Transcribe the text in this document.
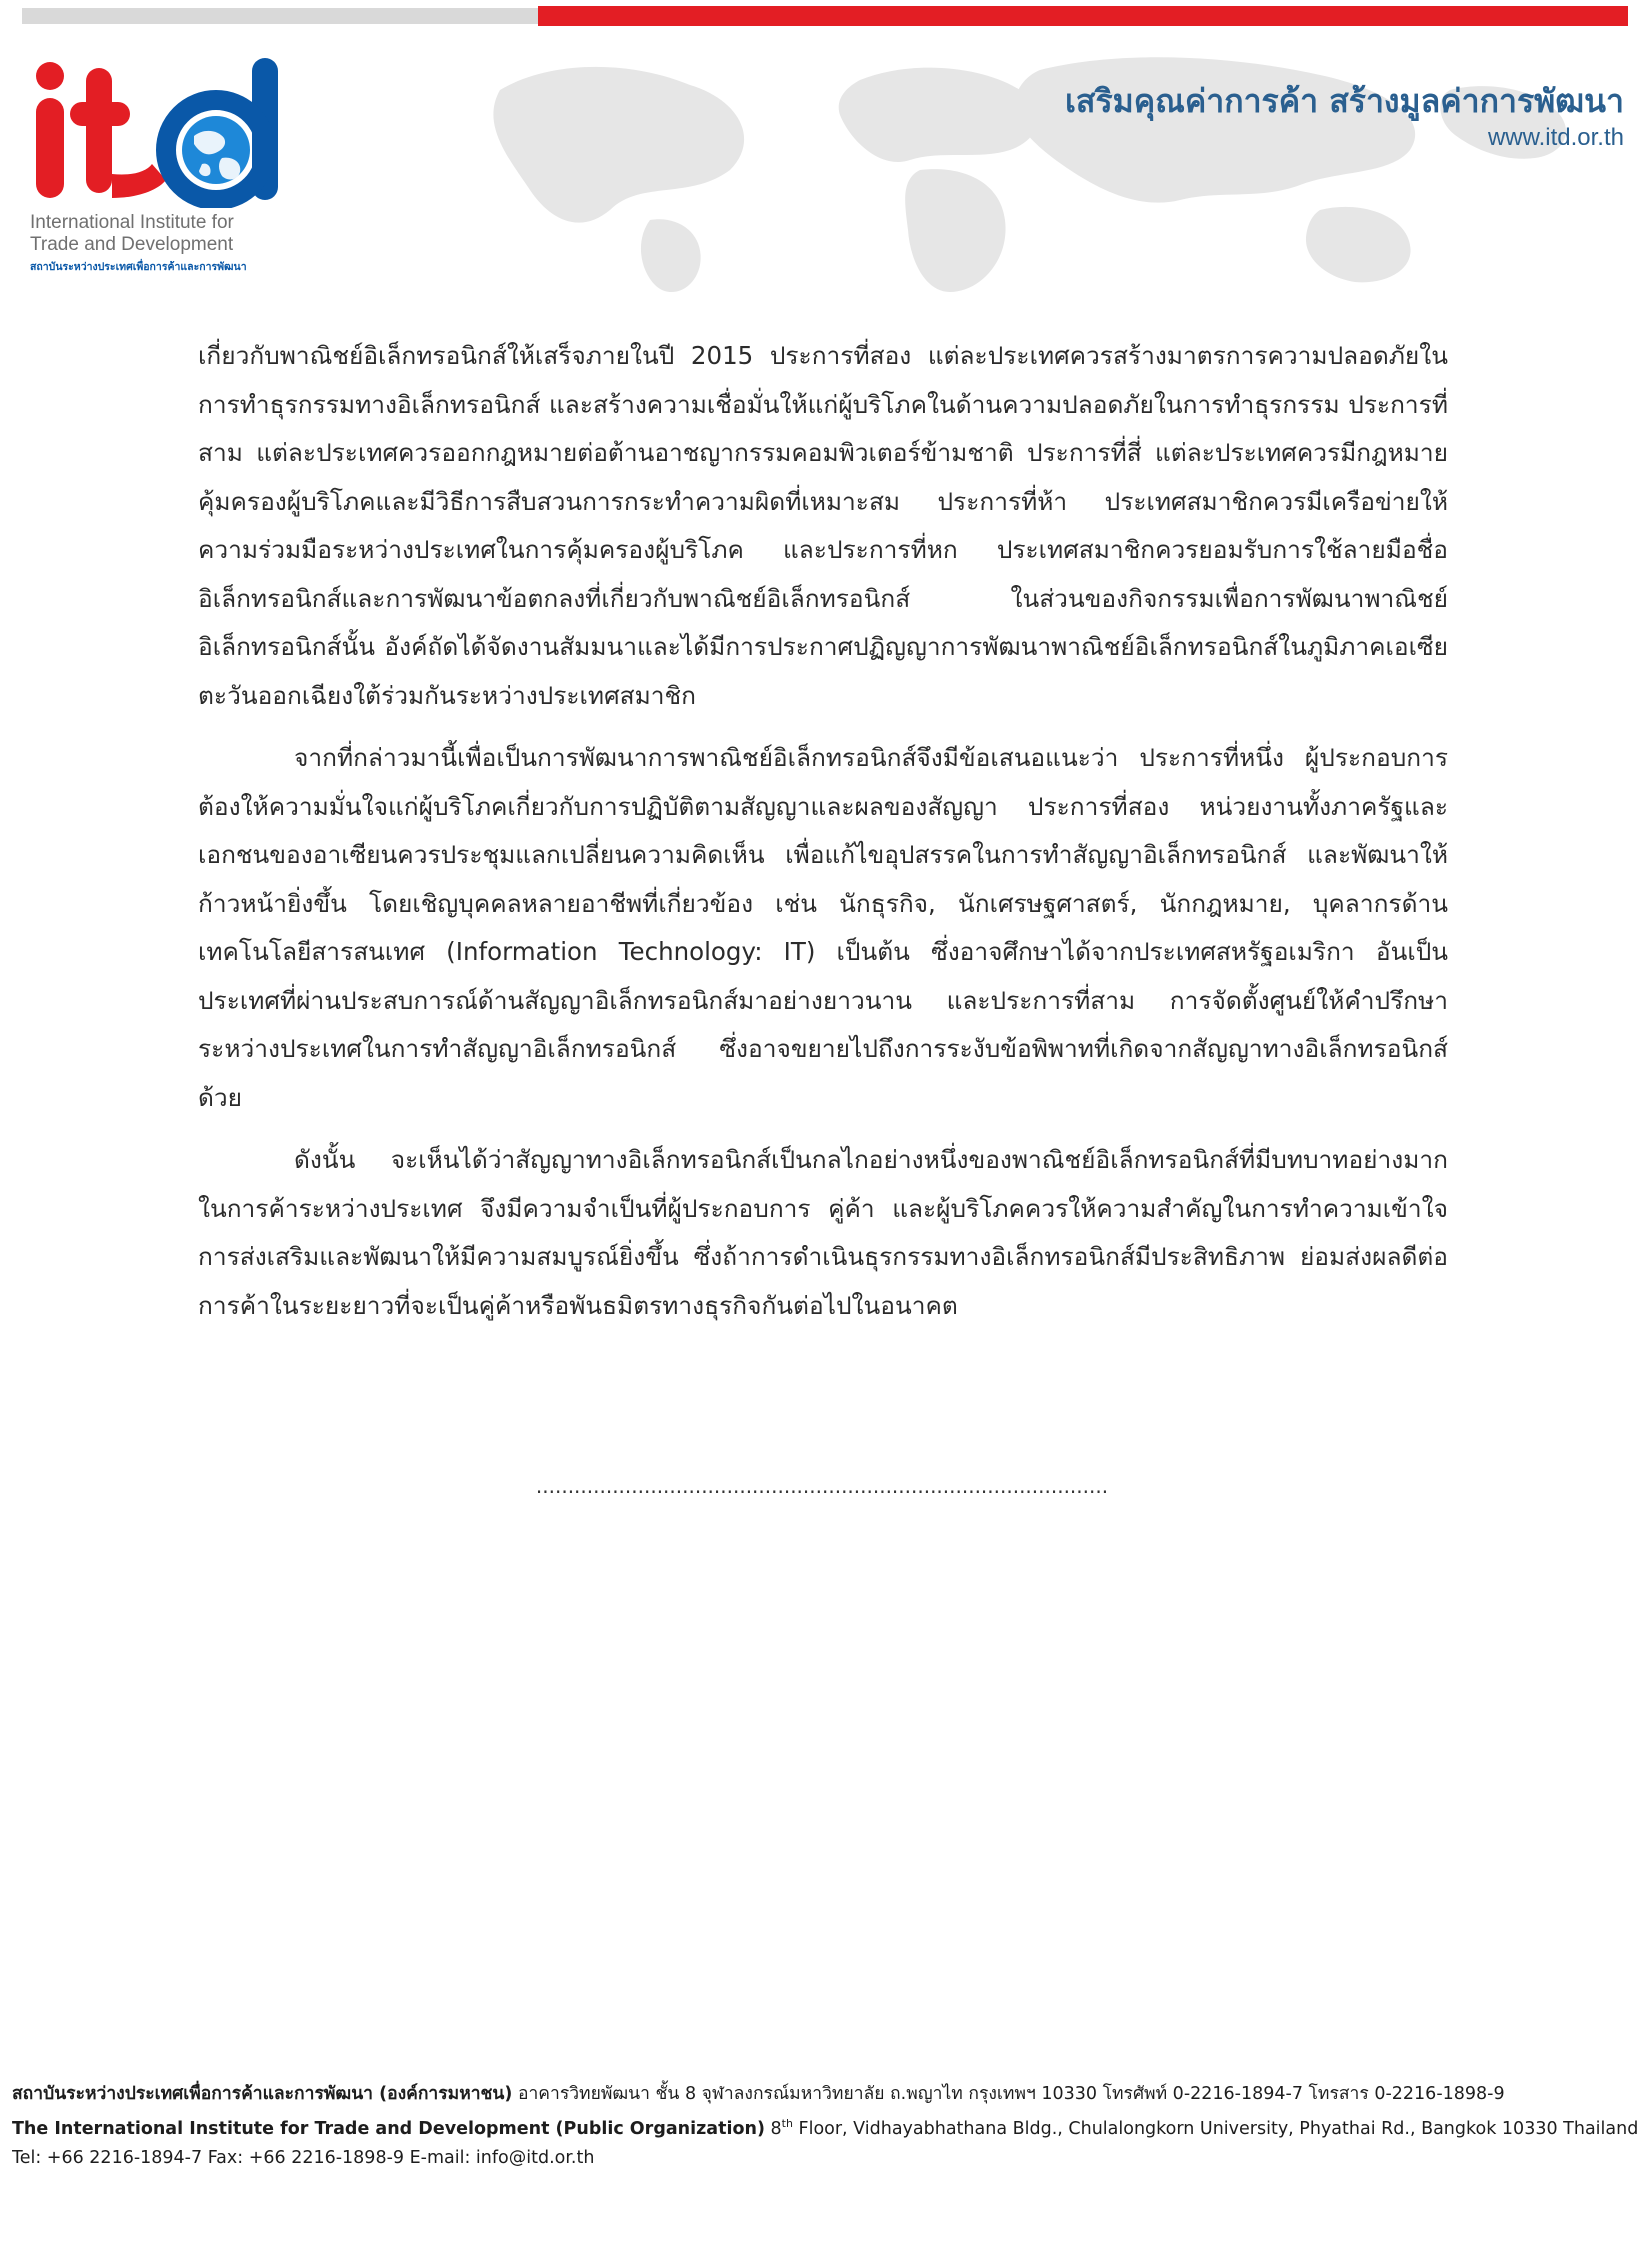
International Institute for
Trade and Development
สถาบันระหว่างประเทศเพื่อการค้าและการพัฒนา
เสริมคุณค่าการค้า สร้างมูลค่าการพัฒนา
www.itd.or.th

เกี่ยวกับพาณิชย์อิเล็กทรอนิกส์ให้เสร็จภายในปี 2015 ประการที่สอง แต่ละประเทศควรสร้างมาตรการความปลอดภัยในการทำธุรกรรมทางอิเล็กทรอนิกส์ และสร้างความเชื่อมั่นให้แก่ผู้บริโภคในด้านความปลอดภัยในการทำธุรกรรม ประการที่สาม แต่ละประเทศควรออกกฎหมายต่อต้านอาชญากรรมคอมพิวเตอร์ข้ามชาติ ประการที่สี่ แต่ละประเทศควรมีกฎหมายคุ้มครองผู้บริโภคและมีวิธีการสืบสวนการกระทำความผิดที่เหมาะสม ประการที่ห้า ประเทศสมาชิกควรมีเครือข่ายให้ความร่วมมือระหว่างประเทศในการคุ้มครองผู้บริโภค และประการที่หก ประเทศสมาชิกควรยอมรับการใช้ลายมือชื่ออิเล็กทรอนิกส์และการพัฒนาข้อตกลงที่เกี่ยวกับพาณิชย์อิเล็กทรอนิกส์ ในส่วนของกิจกรรมเพื่อการพัฒนาพาณิชย์อิเล็กทรอนิกส์นั้น อังค์ถัดได้จัดงานสัมมนาและได้มีการประกาศปฏิญญาการพัฒนาพาณิชย์อิเล็กทรอนิกส์ในภูมิภาคเอเซียตะวันออกเฉียงใต้ร่วมกันระหว่างประเทศสมาชิก

จากที่กล่าวมานี้เพื่อเป็นการพัฒนาการพาณิชย์อิเล็กทรอนิกส์จึงมีข้อเสนอแนะว่า ประการที่หนึ่ง ผู้ประกอบการต้องให้ความมั่นใจแก่ผู้บริโภคเกี่ยวกับการปฏิบัติตามสัญญาและผลของสัญญา ประการที่สอง หน่วยงานทั้งภาครัฐและเอกชนของอาเซียนควรประชุมแลกเปลี่ยนความคิดเห็น เพื่อแก้ไขอุปสรรคในการทำสัญญาอิเล็กทรอนิกส์ และพัฒนาให้ก้าวหน้ายิ่งขึ้น โดยเชิญบุคคลหลายอาชีพที่เกี่ยวข้อง เช่น นักธุรกิจ, นักเศรษฐศาสตร์, นักกฎหมาย, บุคลากรด้านเทคโนโลยีสารสนเทศ (Information Technology: IT) เป็นต้น ซึ่งอาจศึกษาได้จากประเทศสหรัฐอเมริกา อันเป็นประเทศที่ผ่านประสบการณ์ด้านสัญญาอิเล็กทรอนิกส์มาอย่างยาวนาน และประการที่สาม การจัดตั้งศูนย์ให้คำปรึกษาระหว่างประเทศในการทำสัญญาอิเล็กทรอนิกส์ ซึ่งอาจขยายไปถึงการระงับข้อพิพาทที่เกิดจากสัญญาทางอิเล็กทรอนิกส์ด้วย

ดังนั้น จะเห็นได้ว่าสัญญาทางอิเล็กทรอนิกส์เป็นกลไกอย่างหนึ่งของพาณิชย์อิเล็กทรอนิกส์ที่มีบทบาทอย่างมากในการค้าระหว่างประเทศ จึงมีความจำเป็นที่ผู้ประกอบการ คู่ค้า และผู้บริโภคควรให้ความสำคัญในการทำความเข้าใจ การส่งเสริมและพัฒนาให้มีความสมบูรณ์ยิ่งขึ้น ซึ่งถ้าการดำเนินธุรกรรมทางอิเล็กทรอนิกส์มีประสิทธิภาพ ย่อมส่งผลดีต่อการค้าในระยะยาวที่จะเป็นคู่ค้าหรือพันธมิตรทางธุรกิจกันต่อไปในอนาคต

..........................................................................................
สถาบันระหว่างประเทศเพื่อการค้าและการพัฒนา (องค์การมหาชน) อาคารวิทยพัฒนา ชั้น 8 จุฬาลงกรณ์มหาวิทยาลัย ถ.พญาไท กรุงเทพฯ 10330 โทรศัพท์ 0-2216-1894-7 โทรสาร 0-2216-1898-9
The International Institute for Trade and Development (Public Organization) 8th Floor, Vidhayabhathana Bldg., Chulalongkorn University, Phyathai Rd., Bangkok 10330 Thailand
Tel: +66 2216-1894-7 Fax: +66 2216-1898-9 E-mail: info@itd.or.th
